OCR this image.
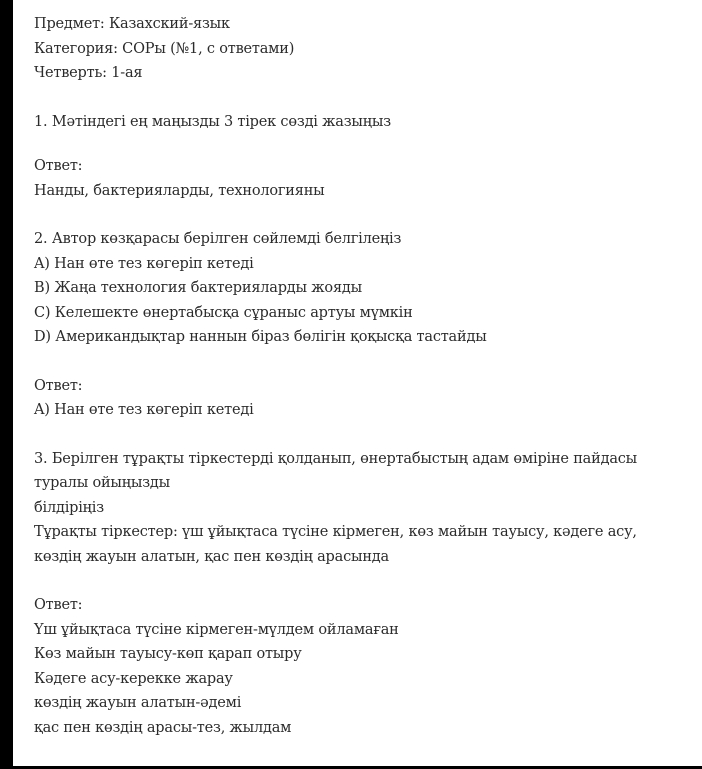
Предмет: Казахский-язык
Категория: СОРы (№1, с ответами)
Четверть: 1-ая
1. Мәтіндегі ең маңызды 3 тірек сөзді жазыңыз
Ответ:
Нанды, бактерияларды, технологияны
2. Автор көзқарасы берілген сөйлемді белгілеңіз
A) Нан өте тез көгеріп кетеді
B) Жаңа технология бактерияларды жояды
C) Келешекте өнертабысқа сұраныс артуы мүмкін
D) Американдықтар наннын біраз бөлігін қоқысқа тастайды
Ответ:
A) Нан өте тез көгеріп кетеді
3. Берілген тұрақты тіркестерді қолданып, өнертабыстың адам өміріне пайдасы
туралы ойыңызды
білдіріңіз
Тұрақты тіркестер: үш ұйықтаса түсіне кірмеген, көз майын тауысу, кәдеге асу,
көздің жауын алатын, қас пен көздің арасында
Ответ:
Үш ұйықтаса түсіне кірмеген-мүлдем ойламаған
Көз майын тауысу-көп қарап отыру
Кәдеге асу-керекке жарау
көздің жауын алатын-әдемі
қас пен көздің арасы-тез, жылдам
